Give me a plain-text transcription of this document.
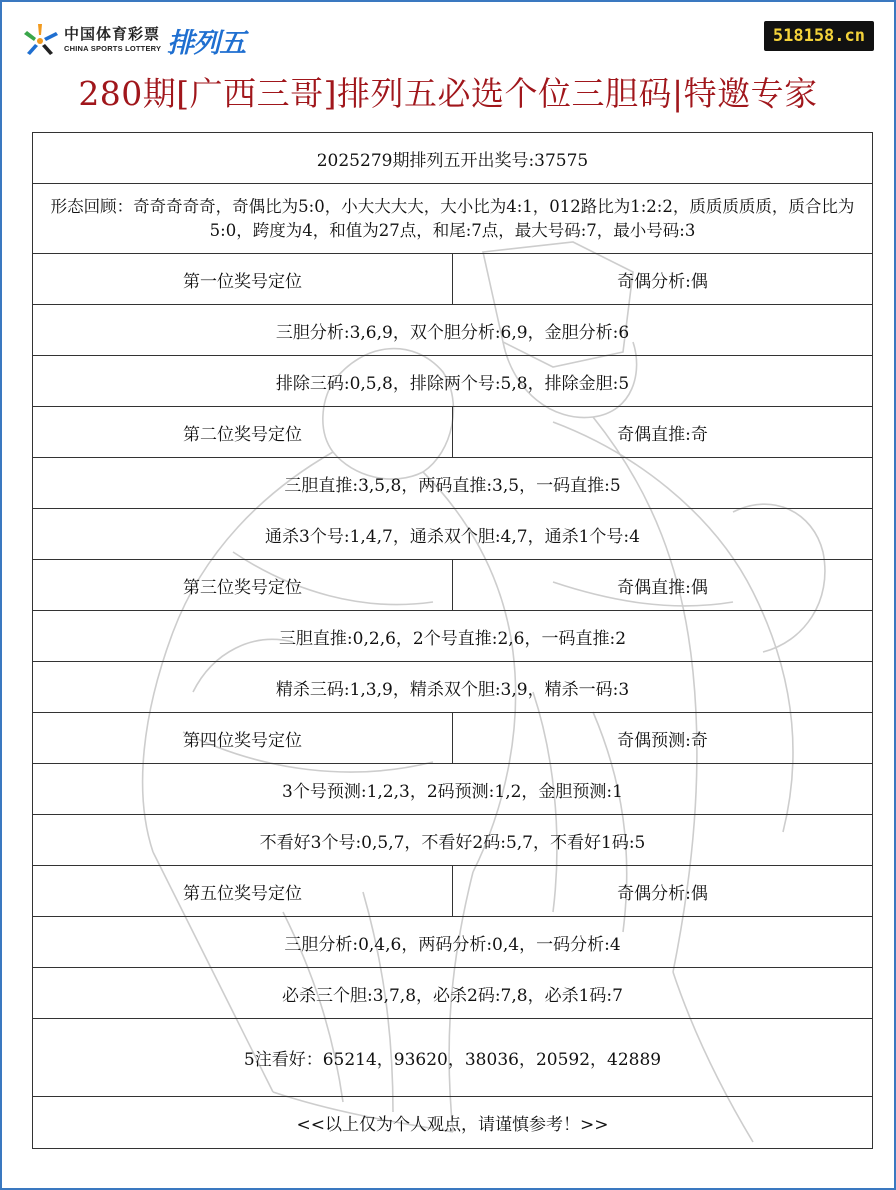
中国体育彩票
CHINA SPORTS LOTTERY 排列五	518158.cn
280期[广西三哥]排列五必选个位三胆码|特邀专家
2025279期排列五开出奖号:37575
形态回顾：奇奇奇奇奇，奇偶比为5:0，小大大大大，大小比为4:1，012路比为1:2:2，质质质质质，质合比为5:0，跨度为4，和值为27点，和尾:7点，最大号码:7，最小号码:3
第一位奖号定位	奇偶分析:偶
三胆分析:3,6,9，双个胆分析:6,9，金胆分析:6
排除三码:0,5,8，排除两个号:5,8，排除金胆:5
第二位奖号定位	奇偶直推:奇
三胆直推:3,5,8，两码直推:3,5，一码直推:5
通杀3个号:1,4,7，通杀双个胆:4,7，通杀1个号:4
第三位奖号定位	奇偶直推:偶
三胆直推:0,2,6，2个号直推:2,6，一码直推:2
精杀三码:1,3,9，精杀双个胆:3,9，精杀一码:3
第四位奖号定位	奇偶预测:奇
3个号预测:1,2,3，2码预测:1,2，金胆预测:1
不看好3个号:0,5,7，不看好2码:5,7，不看好1码:5
第五位奖号定位	奇偶分析:偶
三胆分析:0,4,6，两码分析:0,4，一码分析:4
必杀三个胆:3,7,8，必杀2码:7,8，必杀1码:7
5注看好：65214，93620，38036，20592，42889
<<以上仅为个人观点，请谨慎参考！>>
